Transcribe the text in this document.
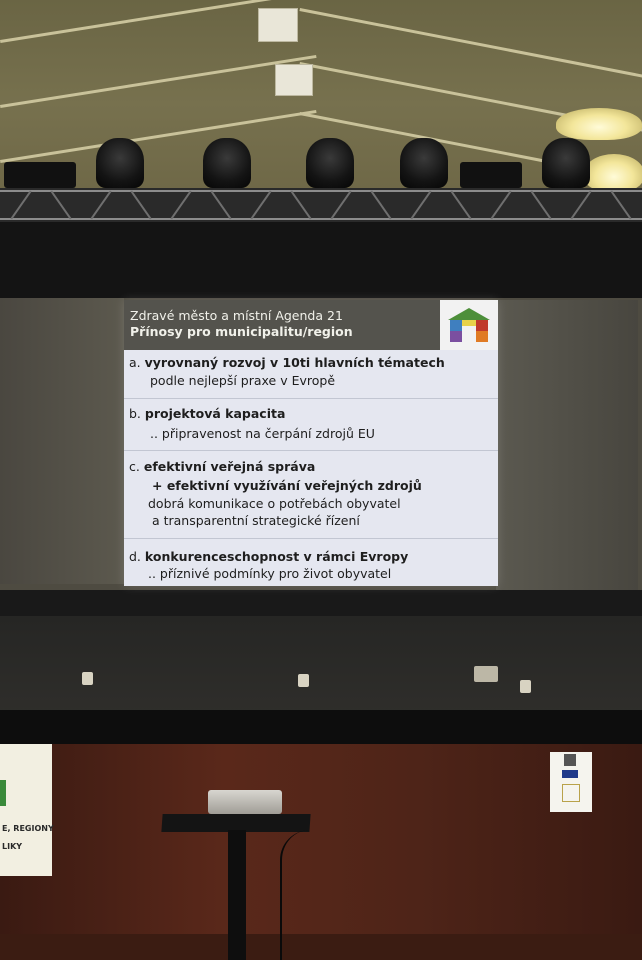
Zdravé město a místní Agenda 21
Přínosy pro municipalitu/region
a. vyrovnaný rozvoj v 10ti hlavních tématech
podle nejlepší praxe v Evropě
b. projektová kapacita
.. připravenost na čerpání zdrojů EU
c. efektivní veřejná správa
+ efektivní využívání veřejných zdrojů
dobrá komunikace o potřebách obyvatel
a transparentní strategické řízení
d. konkurenceschopnost v rámci Evropy
.. příznivé podmínky pro život obyvatel
E, REGIONY
LIKY
